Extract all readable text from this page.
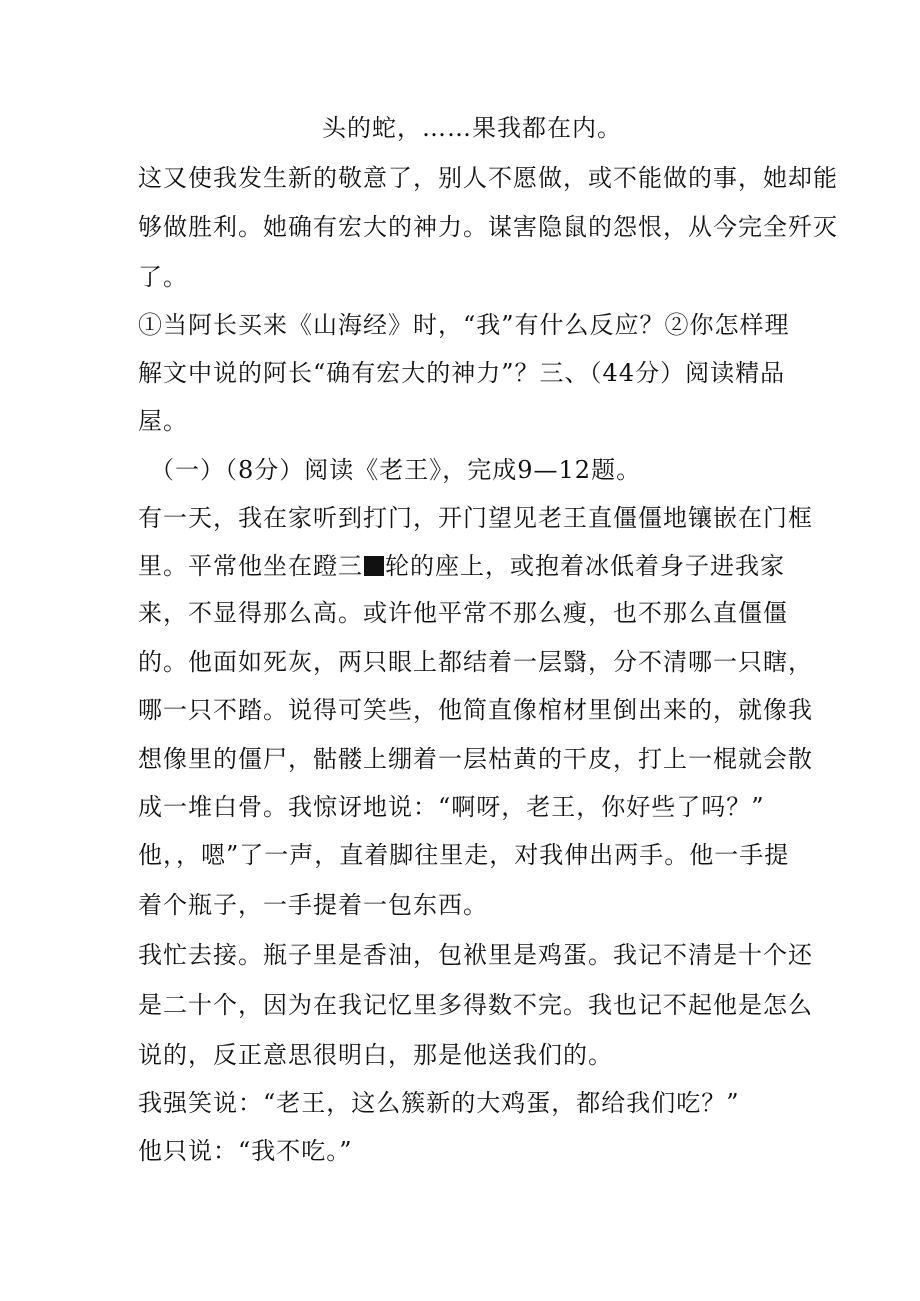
头的蛇，……果我都在内。
这又使我发生新的敬意了，别人不愿做，或不能做的事，她却能
够做胜利。她确有宏大的神力。谋害隐鼠的怨恨，从今完全歼灭
了。
①当阿长买来《山海经》时，“我”有什么反应？②你怎样理
解文中说的阿长“确有宏大的神力”？三、（44分）阅读精品
屋。
（一）（8分）阅读《老王》，完成9—12题。
有一天，我在家听到打门，开门望见老王直僵僵地镶嵌在门框
里。平常他坐在蹬三 轮的座上，或抱着冰低着身子进我家
来，不显得那么高。或许他平常不那么瘦，也不那么直僵僵
的。他面如死灰，两只眼上都结着一层翳，分不清哪一只瞎，
哪一只不踏。说得可笑些，他简直像棺材里倒出来的，就像我
想像里的僵尸，骷髅上绷着一层枯黄的干皮，打上一棍就会散
成一堆白骨。我惊讶地说：“啊呀，老王，你好些了吗？”
他，，嗯”了一声，直着脚往里走，对我伸出两手。他一手提
着个瓶子，一手提着一包东西。
我忙去接。瓶子里是香油，包袱里是鸡蛋。我记不清是十个还
是二十个，因为在我记忆里多得数不完。我也记不起他是怎么
说的，反正意思很明白，那是他送我们的。
我强笑说：“老王，这么簇新的大鸡蛋，都给我们吃？”
他只说：“我不吃。”
